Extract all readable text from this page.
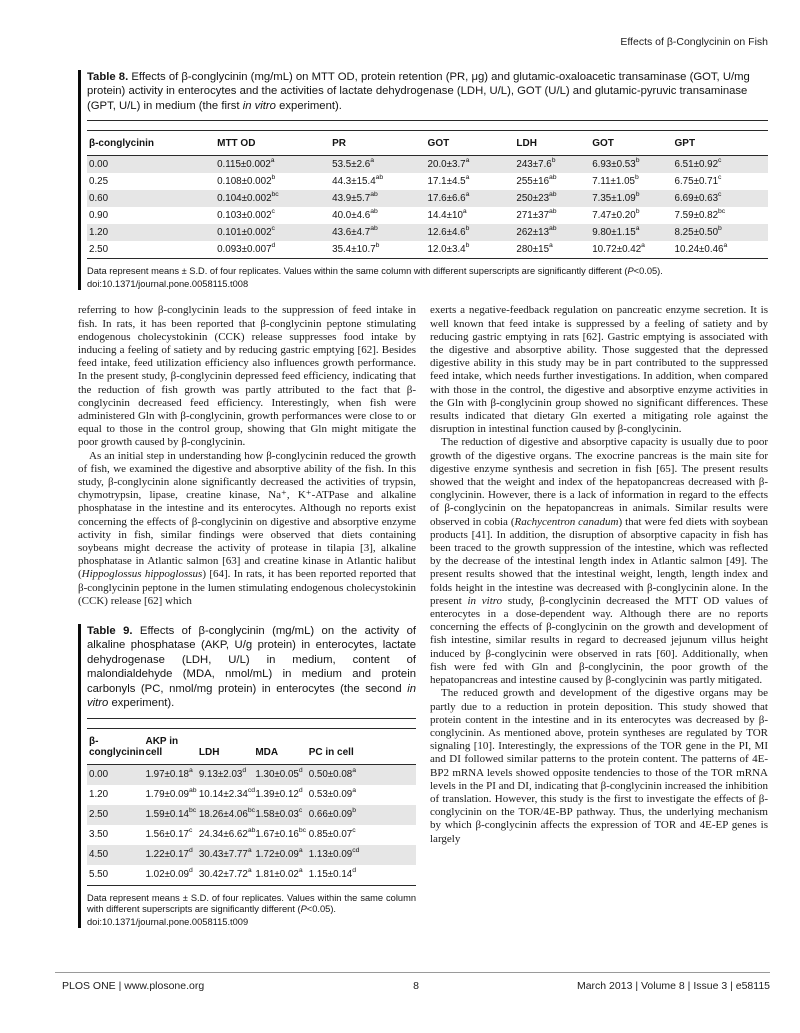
Effects of β-Conglycinin on Fish
Table 8. Effects of β-conglycinin (mg/mL) on MTT OD, protein retention (PR, μg) and glutamic-oxaloacetic transaminase (GOT, U/mg protein) activity in enterocytes and the activities of lactate dehydrogenase (LDH, U/L), GOT (U/L) and glutamic-pyruvic transaminase (GPT, U/L) in medium (the first in vitro experiment).
β-conglycinin	MTT OD	PR	GOT	LDH	GOT	GPT
0.00	0.115±0.002$^a$	53.5±2.6$^a$	20.0±3.7$^a$	243±7.6$^b$	6.93±0.53$^b$	6.51±0.92$^c$
0.25	0.108±0.002$^b$	44.3±15.4$^{ab}$	17.1±4.5$^a$	$255\pm 16^{ab}$	7.11±1.05$^b$	6.75±0.71$^c$
0.60	0.104±0.002$^{bc}$	43.9±5.7$^{ab}$	17.6±6.6$^a$	$250\pm 23^{ab}$	7.35±1.09$^b$	6.69±0.63$^c$
0.90	0.103±0.002$^c$	40.0±4.6$^{ab}$	$14.4\pm 10^a$	$271\pm 37^{ab}$	7.47±0.20$^b$	7.59±0.82$^{bc}$
1.20	0.101±0.002$^c$	43.6±4.7$^{ab}$	12.6±4.6$^b$	$262\pm 13^{ab}$	9.80±1.15$^a$	8.25±0.50$^b$
2.50	0.093±0.007$^d$	35.4±10.7$^b$	12.0±3.4$^b$	$280\pm 15^a$	10.72±0.42$^a$	10.24±0.46$^a$
Data represent means ± S.D. of four replicates. Values within the same column with different superscripts are significantly different (P<0.05).
doi:10.1371/journal.pone.0058115.t008

referring to how β-conglycinin leads to the suppression of feed intake in fish. In rats, it has been reported that β-conglycinin peptone stimulating endogenous cholecystokinin (CCK) release suppresses food intake by inducing a feeling of satiety and by reducing gastric emptying [62]. Besides feed intake, feed utilization efficiency also influences growth performance. In the present study, β-conglycinin depressed feed efficiency, indicating that the reduction of fish growth was partly attributed to the fact that β-conglycinin decreased feed efficiency. Interestingly, when fish were administered Gln with β-conglycinin, growth performances were close to or equal to those in the control group, showing that Gln might mitigate the poor growth caused by β-conglycinin.

As an initial step in understanding how β-conglycinin reduced the growth of fish, we examined the digestive and absorptive ability of the fish. In this study, β-conglycinin alone significantly decreased the activities of trypsin, chymotrypsin, lipase, creatine kinase, Na⁺, K⁺-ATPase and alkaline phosphatase in the intestine and its enterocytes. Although no reports exist concerning the effects of β-conglycinin on digestive and absorptive enzyme activity in fish, similar findings were observed that diets containing soybeans might decrease the activity of protease in tilapia [3], alkaline phosphatase in Atlantic salmon [63] and creatine kinase in Atlantic halibut (Hippoglossus hippoglossus) [64]. In rats, it has been reported reported that β-conglycinin peptone in the lumen stimulating endogenous cholecystokinin (CCK) release [62] which

Table 9. Effects of β-conglycinin (mg/mL) on the activity of alkaline phosphatase (AKP, U/g protein) in enterocytes, lactate dehydrogenase (LDH, U/L) in medium, content of malondialdehyde (MDA, nmol/mL) in medium and protein carbonyls (PC, nmol/mg protein) in enterocytes (the second in vitro experiment).
β-conglycinin	AKP in cell	LDH	MDA	PC in cell
0.00	1.97±0.18$^a$	9.13±2.03$^d$	1.30±0.05$^d$	0.50±0.08$^a$
1.20	1.79±0.09$^{ab}$	10.14±2.34$^{cd}$	1.39±0.12$^d$	0.53±0.09$^a$
2.50	1.59±0.14$^{bc}$	18.26±4.06$^{bc}$	1.58±0.03$^c$	0.66±0.09$^b$
3.50	1.56±0.17$^c$	24.34±6.62$^{ab}$	1.67±0.16$^{bc}$	0.85±0.07$^c$
4.50	1.22±0.17$^d$	30.43±7.77$^a$	1.72±0.09$^a$	1.13±0.09$^{cd}$
5.50	1.02±0.09$^d$	30.42±7.72$^a$	1.81±0.02$^a$	1.15±0.14$^d$
Data represent means ± S.D. of four replicates. Values within the same column with different superscripts are significantly different (P<0.05).
doi:10.1371/journal.pone.0058115.t009

exerts a negative-feedback regulation on pancreatic enzyme secretion. It is well known that feed intake is suppressed by a feeling of satiety and by reducing gastric emptying in rats [62]. Gastric emptying is associated with the digestive and absorptive ability. Those suggested that the depressed digestive ability in this study may be in part contributed to the suppressed feed intake, which needs further investigations. In addition, when compared with those in the control, the digestive and absorptive enzyme activities in the Gln with β-conglycinin group showed no significant differences. These results indicated that dietary Gln exerted a mitigating role against the disruption in intestinal function caused by β-conglycinin.

The reduction of digestive and absorptive capacity is usually due to poor growth of the digestive organs. The exocrine pancreas is the main site for digestive enzyme synthesis and secretion in fish [65]. The present results showed that the weight and index of the hepatopancreas decreased with β-conglycinin. However, there is a lack of information in regard to the effects of β-conglycinin on the hepatopancreas in animals. Similar results were observed in cobia (Rachycentron canadum) that were fed diets with soybean products [41]. In addition, the disruption of absorptive capacity in fish has been traced to the growth suppression of the intestine, which was reflected by the decrease of the intestinal length index in Atlantic salmon [49]. The present results showed that the intestinal weight, length, length index and folds height in the intestine was decreased with β-conglycinin alone. In the present in vitro study, β-conglycinin decreased the MTT OD values of enterocytes in a dose-dependent way. Although there are no reports concerning the effects of β-conglycinin on the growth and development of fish intestine, similar results in regard to decreased jejunum villus height induced by β-conglycinin were observed in rats [60]. Additionally, when fish were fed with Gln and β-conglycinin, the poor growth of the hepatopancreas and intestine caused by β-conglycinin was partly mitigated.

The reduced growth and development of the digestive organs may be partly due to a reduction in protein deposition. This study showed that protein content in the intestine and in its enterocytes was decreased by β-conglycinin. As mentioned above, protein syntheses are regulated by TOR signaling [10]. Interestingly, the expressions of the TOR gene in the PI, MI and DI followed similar patterns to the protein content. The patterns of 4E-BP2 mRNA levels showed opposite tendencies to those of the TOR mRNA levels in the PI and DI, indicating that β-conglycinin increased the inhibition of translation. However, this study is the first to investigate the effects of β-conglycinin on the TOR/4E-BP pathway. Thus, the underlying mechanism by which β-conglycinin affects the expression of TOR and 4E-EP genes is largely

PLOS ONE | www.plosone.org	8	March 2013 | Volume 8 | Issue 3 | e58115
